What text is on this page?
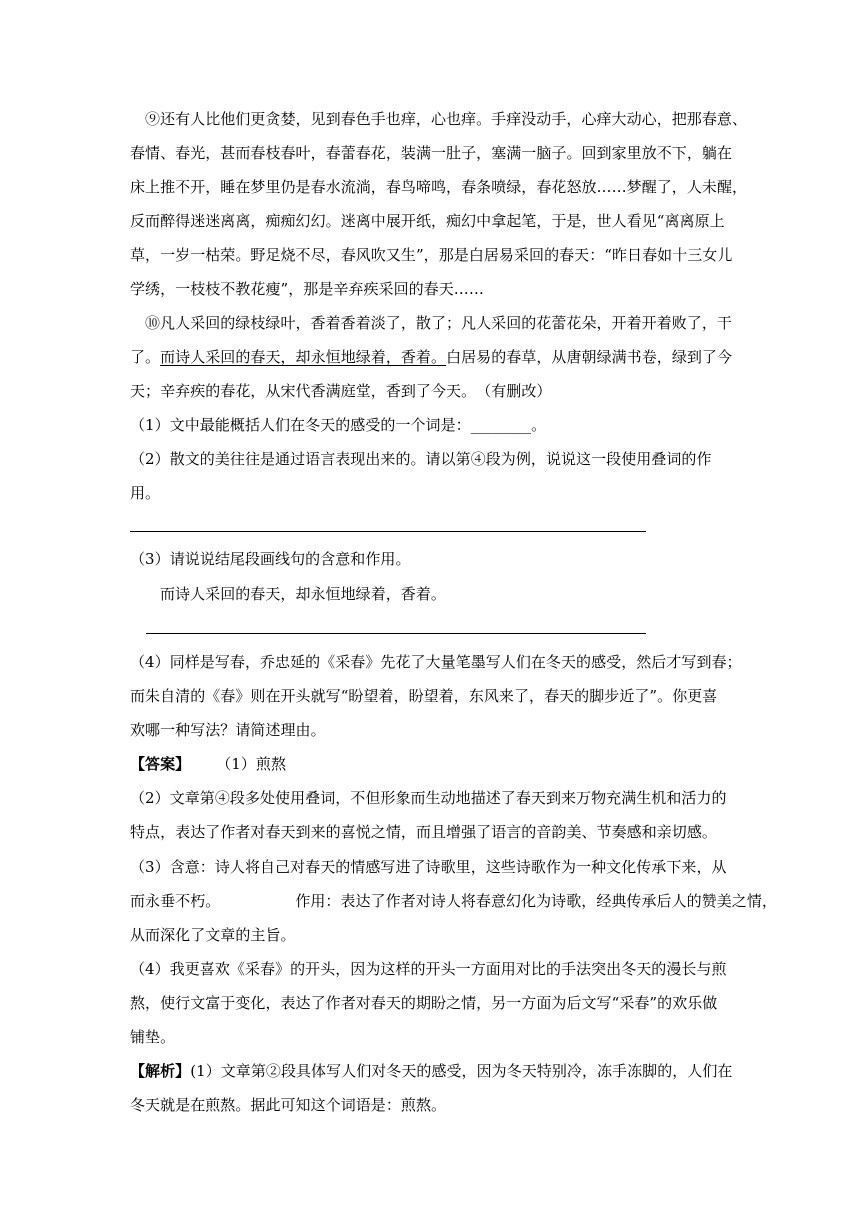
⑨还有人比他们更贪婪，见到春色手也痒，心也痒。手痒没动手，心痒大动心，把那春意、
春情、春光，甚而春枝春叶，春蕾春花，装满一肚子，塞满一脑子。回到家里放不下，躺在
床上推不开，睡在梦里仍是春水流淌，春鸟啼鸣，春条喷绿，春花怒放……梦醒了，人未醒，
反而醉得迷迷离离，痴痴幻幻。迷离中展开纸，痴幻中拿起笔，于是，世人看见“离离原上
草，一岁一枯荣。野足烧不尽，春风吹又生”，那是白居易采回的春天：“昨日春如十三女儿
学绣，一枝枝不教花瘦”，那是辛弃疾采回的春天……
⑩凡人采回的绿枝绿叶，香着香着淡了，散了；凡人采回的花蕾花朵，开着开着败了，干
了。而诗人采回的春天，却永恒地绿着，香着。白居易的春草，从唐朝绿满书卷，绿到了今
天；辛弃疾的春花，从宋代香满庭堂，香到了今天。　（有删改）
（1）文中最能概括人们在冬天的感受的一个词是：________。
（2）散文的美往往是通过语言表现出来的。请以第④段为例，说说这一段使用叠词的作
用。
（3）请说说结尾段画线句的含意和作用。
而诗人采回的春天，却永恒地绿着，香着。
（4）同样是写春，乔忠延的《采春》先花了大量笔墨写人们在冬天的感受，然后才写到春；
而朱自清的《春》则在开头就写“盼望着，盼望着，东风来了，春天的脚步近了”。你更喜
欢哪一种写法？请简述理由。
【答案】 （1）煎熬
（2）文章第④段多处使用叠词，不但形象而生动地描述了春天到来万物充满生机和活力的
特点，表达了作者对春天到来的喜悦之情，而且增强了语言的音韵美、节奏感和亲切感。
（3）含意：诗人将自己对春天的情感写进了诗歌里，这些诗歌作为一种文化传承下来，从
而永垂不朽。	作用：表达了作者对诗人将春意幻化为诗歌，经典传承后人的赞美之情，
从而深化了文章的主旨。
（4）我更喜欢《采春》的开头，因为这样的开头一方面用对比的手法突出冬天的漫长与煎
熬，使行文富于变化，表达了作者对春天的期盼之情，另一方面为后文写“采春”的欢乐做
铺垫。
【解析】(1）文章第②段具体写人们对冬天的感受，因为冬天特别冷，冻手冻脚的，人们在
冬天就是在煎熬。据此可知这个词语是：煎熬。
